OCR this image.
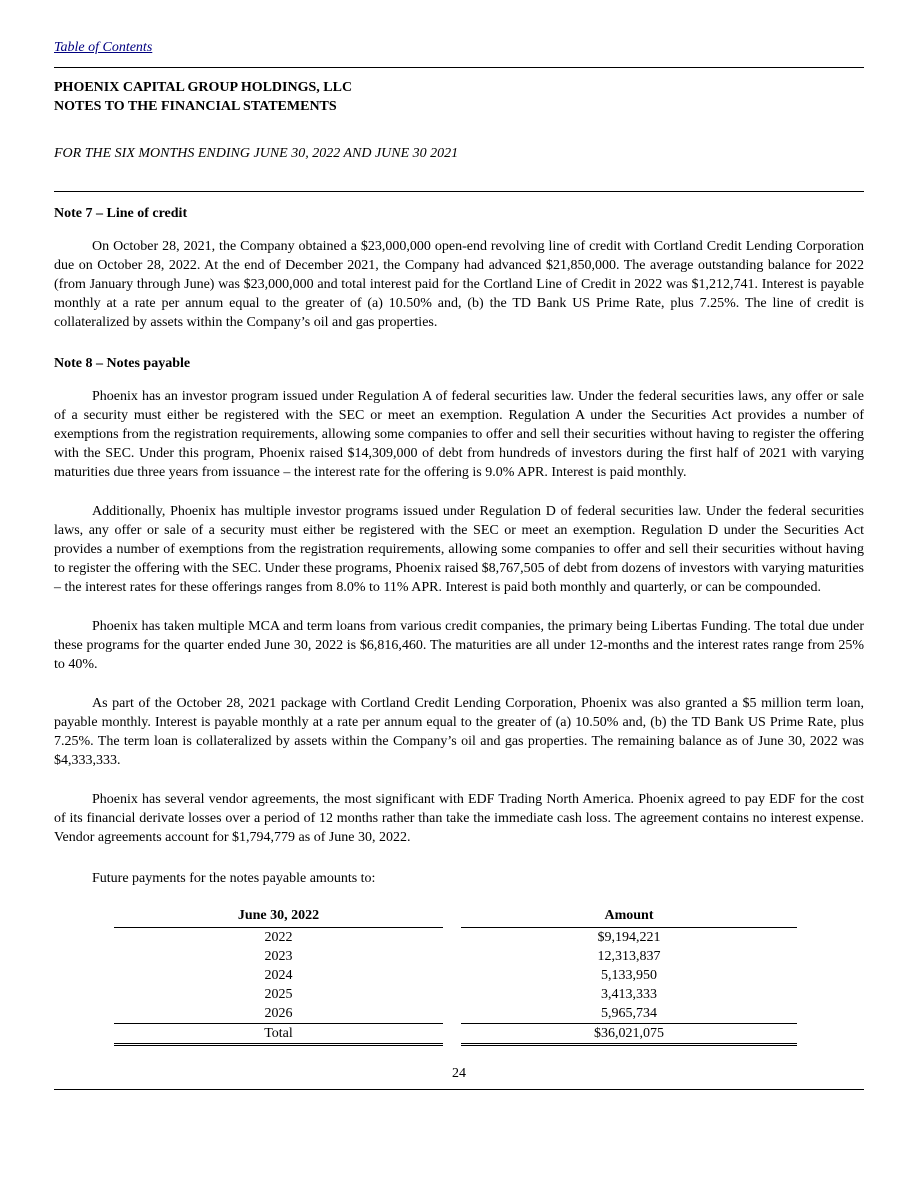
Table of Contents
PHOENIX CAPITAL GROUP HOLDINGS, LLC
NOTES TO THE FINANCIAL STATEMENTS
FOR THE SIX MONTHS ENDING JUNE 30, 2022 AND JUNE 30 2021
Note 7 – Line of credit

On October 28, 2021, the Company obtained a $23,000,000 open-end revolving line of credit with Cortland Credit Lending Corporation due on October 28, 2022. At the end of December 2021, the Company had advanced $21,850,000. The average outstanding balance for 2022 (from January through June) was $23,000,000 and total interest paid for the Cortland Line of Credit in 2022 was $1,212,741. Interest is payable monthly at a rate per annum equal to the greater of (a) 10.50% and, (b) the TD Bank US Prime Rate, plus 7.25%. The line of credit is collateralized by assets within the Company’s oil and gas properties.

Note 8 – Notes payable

Phoenix has an investor program issued under Regulation A of federal securities law. Under the federal securities laws, any offer or sale of a security must either be registered with the SEC or meet an exemption. Regulation A under the Securities Act provides a number of exemptions from the registration requirements, allowing some companies to offer and sell their securities without having to register the offering with the SEC. Under this program, Phoenix raised $14,309,000 of debt from hundreds of investors during the first half of 2021 with varying maturities due three years from issuance – the interest rate for the offering is 9.0% APR. Interest is paid monthly.

Additionally, Phoenix has multiple investor programs issued under Regulation D of federal securities law. Under the federal securities laws, any offer or sale of a security must either be registered with the SEC or meet an exemption. Regulation D under the Securities Act provides a number of exemptions from the registration requirements, allowing some companies to offer and sell their securities without having to register the offering with the SEC. Under these programs, Phoenix raised $8,767,505 of debt from dozens of investors with varying maturities – the interest rates for these offerings ranges from 8.0% to 11% APR. Interest is paid both monthly and quarterly, or can be compounded.

Phoenix has taken multiple MCA and term loans from various credit companies, the primary being Libertas Funding. The total due under these programs for the quarter ended June 30, 2022 is $6,816,460. The maturities are all under 12-months and the interest rates range from 25% to 40%.

As part of the October 28, 2021 package with Cortland Credit Lending Corporation, Phoenix was also granted a $5 million term loan, payable monthly. Interest is payable monthly at a rate per annum equal to the greater of (a) 10.50% and, (b) the TD Bank US Prime Rate, plus 7.25%. The term loan is collateralized by assets within the Company’s oil and gas properties. The remaining balance as of June 30, 2022 was $4,333,333.

Phoenix has several vendor agreements, the most significant with EDF Trading North America. Phoenix agreed to pay EDF for the cost of its financial derivate losses over a period of 12 months rather than take the immediate cash loss. The agreement contains no interest expense. Vendor agreements account for $1,794,779 as of June 30, 2022.

Future payments for the notes payable amounts to:

June 30, 2022	Amount
2022	$9,194,221
2023	12,313,837
2024	5,133,950
2025	3,413,333
2026	5,965,734
Total	$36,021,075
24
